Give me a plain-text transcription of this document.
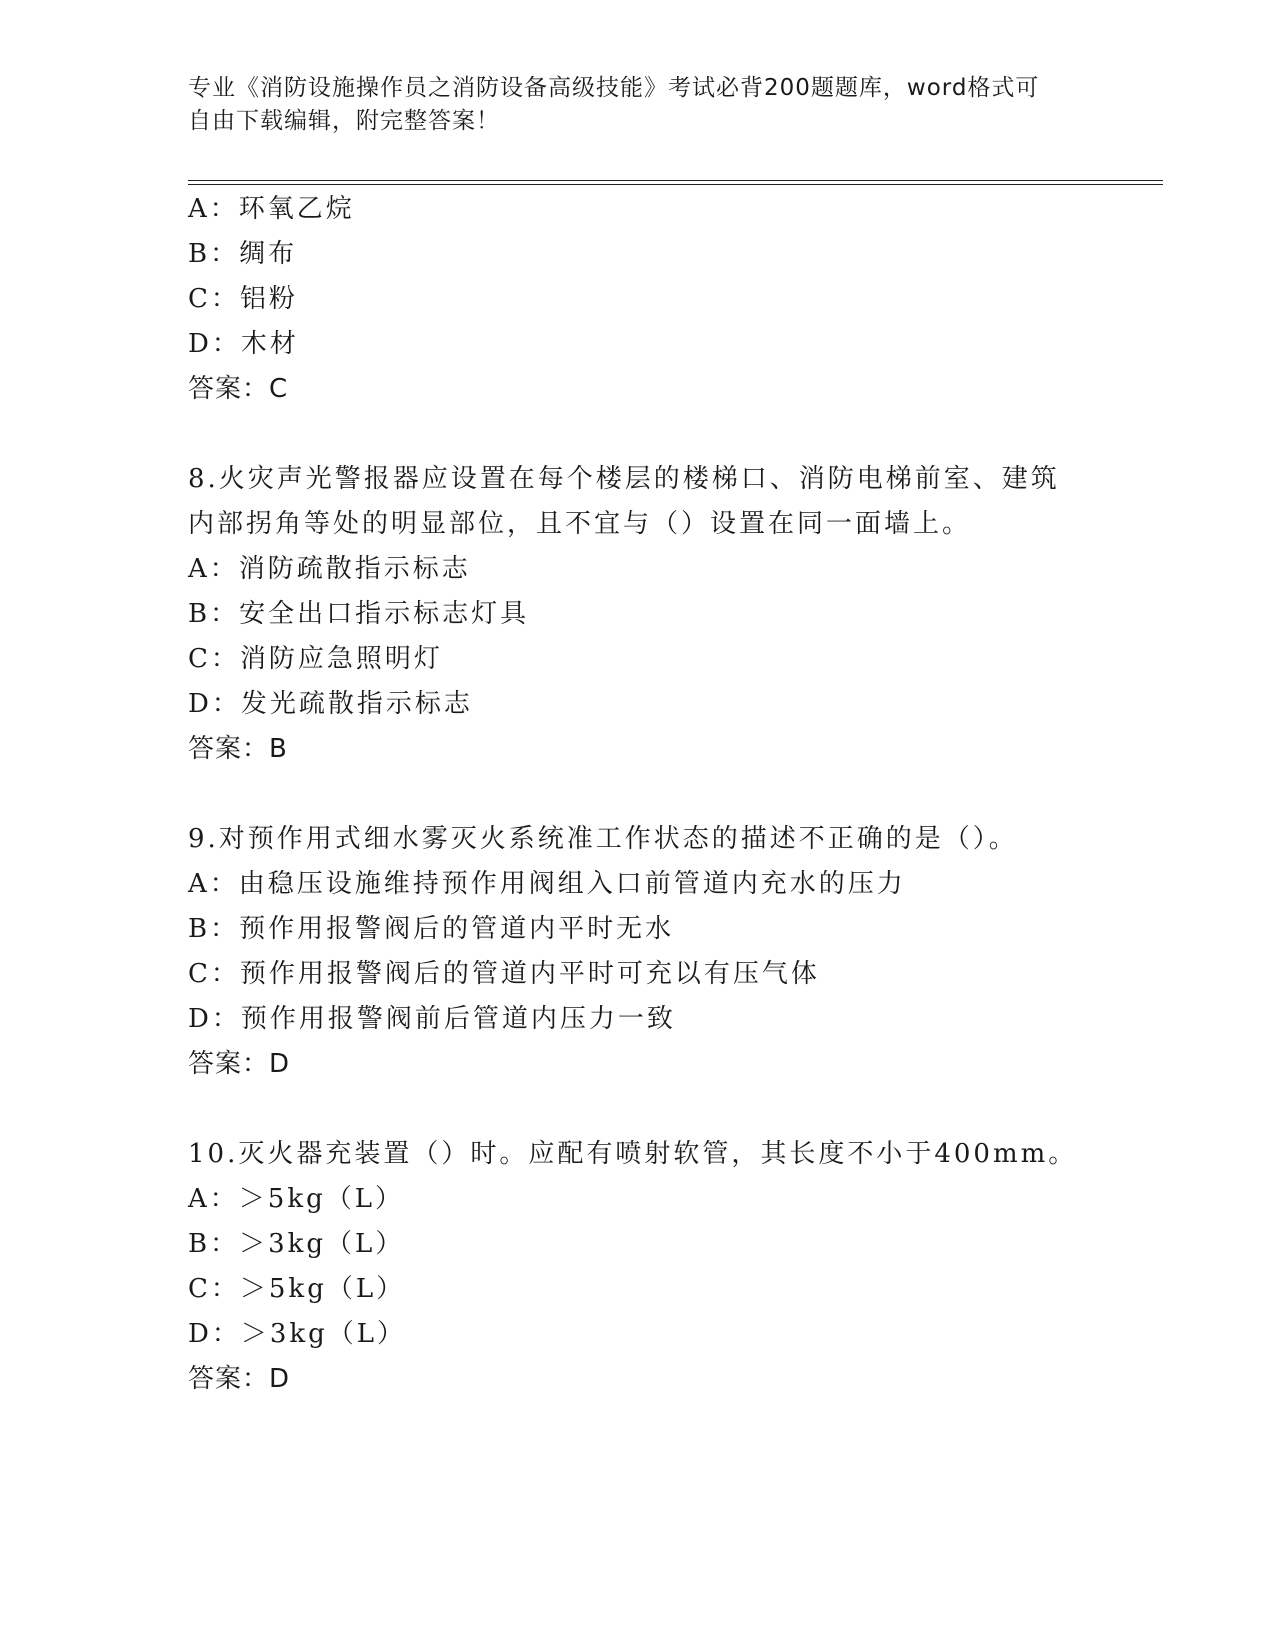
专业《消防设施操作员之消防设备高级技能》考试必背200题题库，word格式可
自由下载编辑，附完整答案！
A：环氧乙烷
B：绸布
C：铝粉
D：木材
答案：C
8.火灾声光警报器应设置在每个楼层的楼梯口、消防电梯前室、建筑
内部拐角等处的明显部位，且不宜与（）设置在同一面墙上。
A：消防疏散指示标志
B：安全出口指示标志灯具
C：消防应急照明灯
D：发光疏散指示标志
答案：B
9.对预作用式细水雾灭火系统准工作状态的描述不正确的是（）。
A：由稳压设施维持预作用阀组入口前管道内充水的压力
B：预作用报警阀后的管道内平时无水
C：预作用报警阀后的管道内平时可充以有压气体
D：预作用报警阀前后管道内压力一致
答案：D
10.灭火器充装置（）时。应配有喷射软管，其长度不小于400mm。
A：＞5kg（L）
B：＞3kg（L）
C：＞5kg（L）
D：＞3kg（L）
答案：D
